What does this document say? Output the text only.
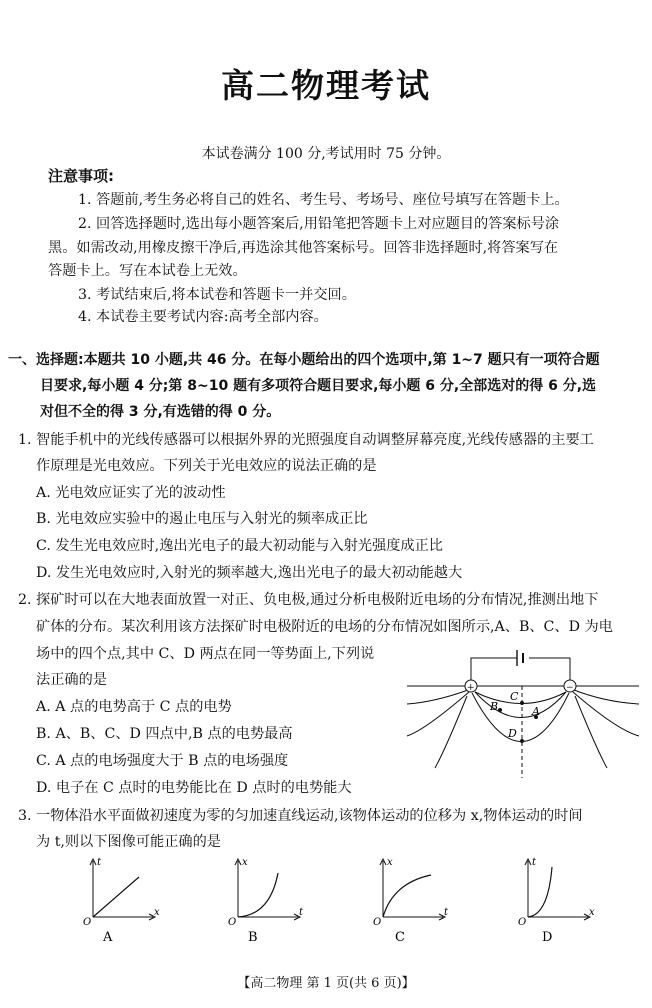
高二物理考试
本试卷满分 100 分,考试用时 75 分钟。
注意事项:
1. 答题前,考生务必将自己的姓名、考生号、考场号、座位号填写在答题卡上。
2. 回答选择题时,选出每小题答案后,用铅笔把答题卡上对应题目的答案标号涂
黑。如需改动,用橡皮擦干净后,再选涂其他答案标号。回答非选择题时,将答案写在
答题卡上。写在本试卷上无效。
3. 考试结束后,将本试卷和答题卡一并交回。
4. 本试卷主要考试内容:高考全部内容。
一、选择题:本题共 10 小题,共 46 分。在每小题给出的四个选项中,第 1~7 题只有一项符合题
目要求,每小题 4 分;第 8~10 题有多项符合题目要求,每小题 6 分,全部选对的得 6 分,选
对但不全的得 3 分,有选错的得 0 分。
1. 智能手机中的光线传感器可以根据外界的光照强度自动调整屏幕亮度,光线传感器的主要工
作原理是光电效应。下列关于光电效应的说法正确的是
A. 光电效应证实了光的波动性
B. 光电效应实验中的遏止电压与入射光的频率成正比
C. 发生光电效应时,逸出光电子的最大初动能与入射光强度成正比
D. 发生光电效应时,入射光的频率越大,逸出光电子的最大初动能越大
2. 探矿时可以在大地表面放置一对正、负电极,通过分析电极附近电场的分布情况,推测出地下
矿体的分布。某次利用该方法探矿时电极附近的电场的分布情况如图所示,A、B、C、D 为电
场中的四个点,其中 C、D 两点在同一等势面上,下列说
法正确的是
A. A 点的电势高于 C 点的电势
B. A、B、C、D 四点中,B 点的电势最高
C. A 点的电场强度大于 B 点的电场强度
D. 电子在 C 点时的电势能比在 D 点时的电势能大
+	−
B
C
A
D
3. 一物体沿水平面做初速度为零的匀加速直线运动,该物体运动的位移为 x,物体运动的时间
为 t,则以下图像可能正确的是
t
x
O
A
x
t
O
B
x
t
O
C
t
x
O
D
【高二物理 第 1 页(共 6 页)】
